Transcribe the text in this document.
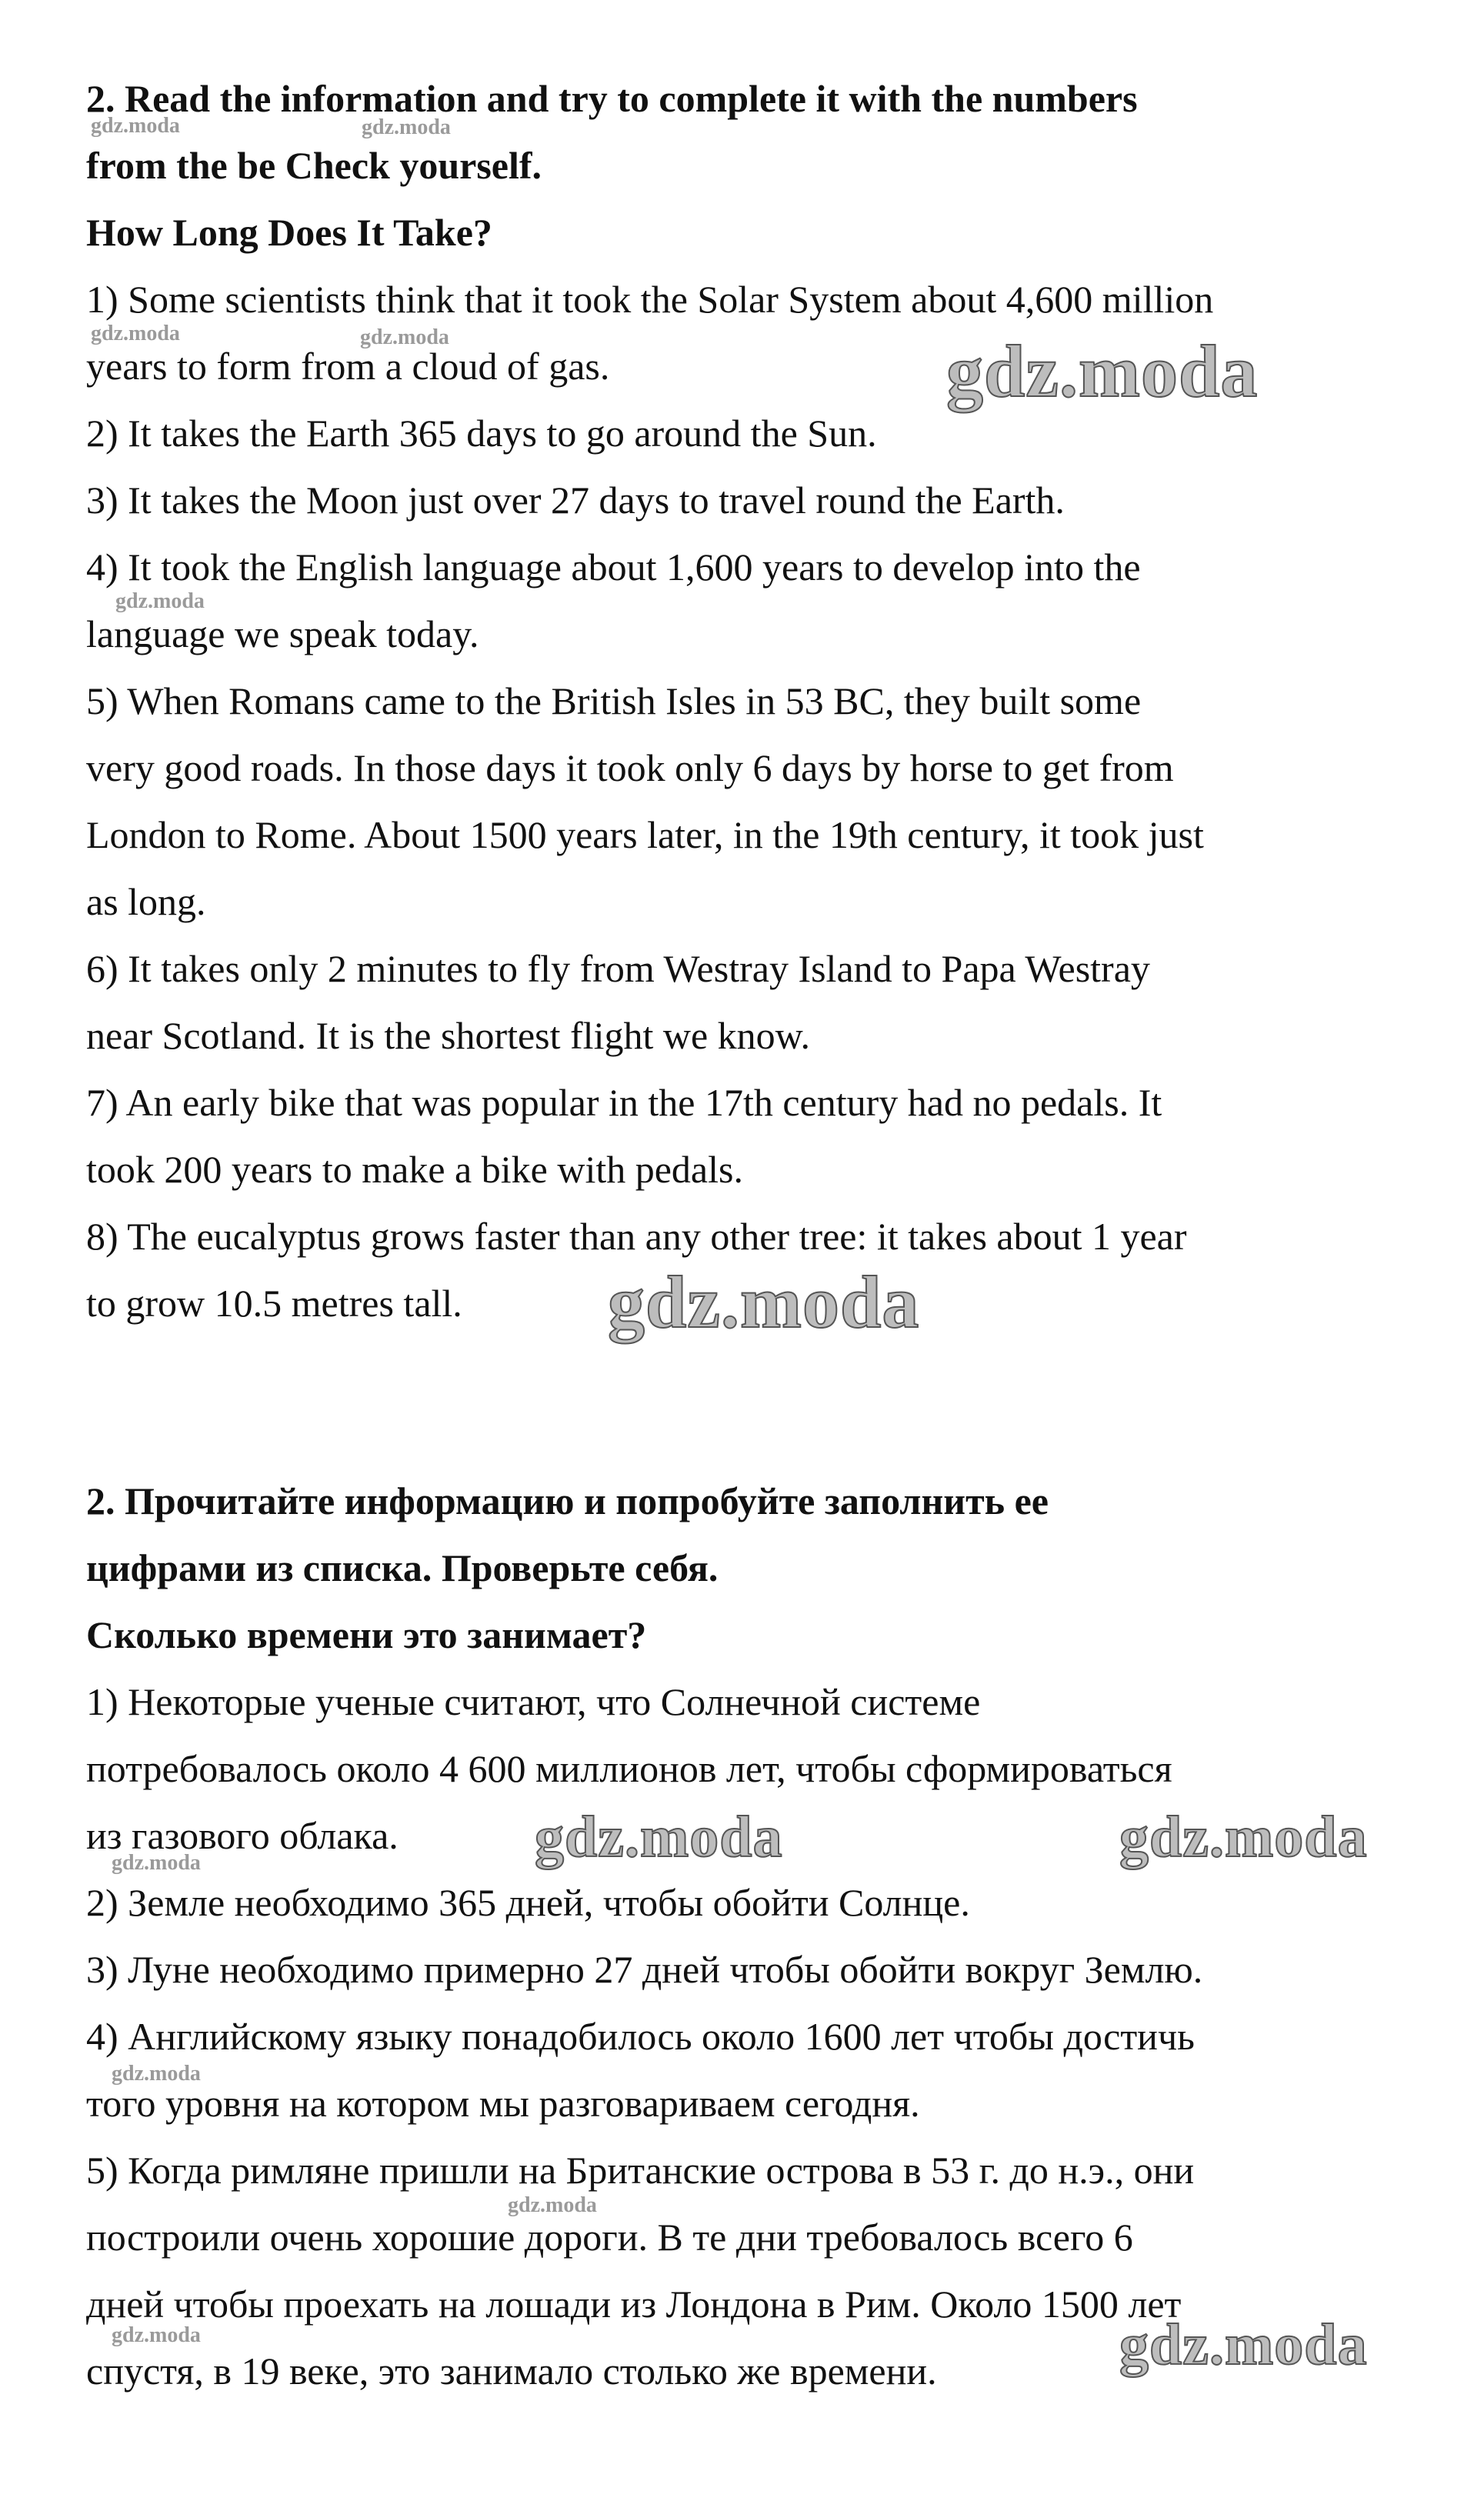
2. Read the information and try to complete it with the numbers

from the be Check yourself.

How Long Does It Take?

1) Some scientists think that it took the Solar System about 4,600 million

years to form from a cloud of gas.

2) It takes the Earth 365 days to go around the Sun.

3) It takes the Moon just over 27 days to travel round the Earth.

4) It took the English language about 1,600 years to develop into the

language we speak today.

5) When Romans came to the British Isles in 53 BC, they built some

very good roads. In those days it took only 6 days by horse to get from

London to Rome. About 1500 years later, in the 19th century, it took just

as long.

6) It takes only 2 minutes to fly from Westray Island to Papa Westray

near Scotland. It is the shortest flight we know.

7) An early bike that was popular in the 17th century had no pedals. It

took 200 years to make a bike with pedals.

8) The eucalyptus grows faster than any other tree: it takes about 1 year

to grow 10.5 metres tall.

2. Прочитайте информацию и попробуйте заполнить ее

цифрами из списка. Проверьте себя.

Сколько времени это занимает?

1) Некоторые ученые считают, что Солнечной системе

потребовалось около 4 600 миллионов лет, чтобы сформироваться

из газового облака.

2) Земле необходимо 365 дней, чтобы обойти Солнце.

3) Луне необходимо примерно 27 дней чтобы обойти вокруг Землю.

4) Английскому языку понадобилось около 1600 лет чтобы достичь

того уровня на котором мы разговариваем сегодня.

5) Когда римляне пришли на Британские острова в 53 г. до н.э., они

построили очень хорошие дороги. В те дни требовалось всего 6

дней чтобы проехать на лошади из Лондона в Рим. Около 1500 лет

спустя, в 19 веке, это занимало столько же времени.

gdz.moda	gdz.moda
gdz.moda	gdz.moda	gdz.moda
gdz.moda
gdz.moda
gdz.moda	gdz.moda
gdz.moda
gdz.moda
gdz.moda
gdz.moda	gdz.moda
